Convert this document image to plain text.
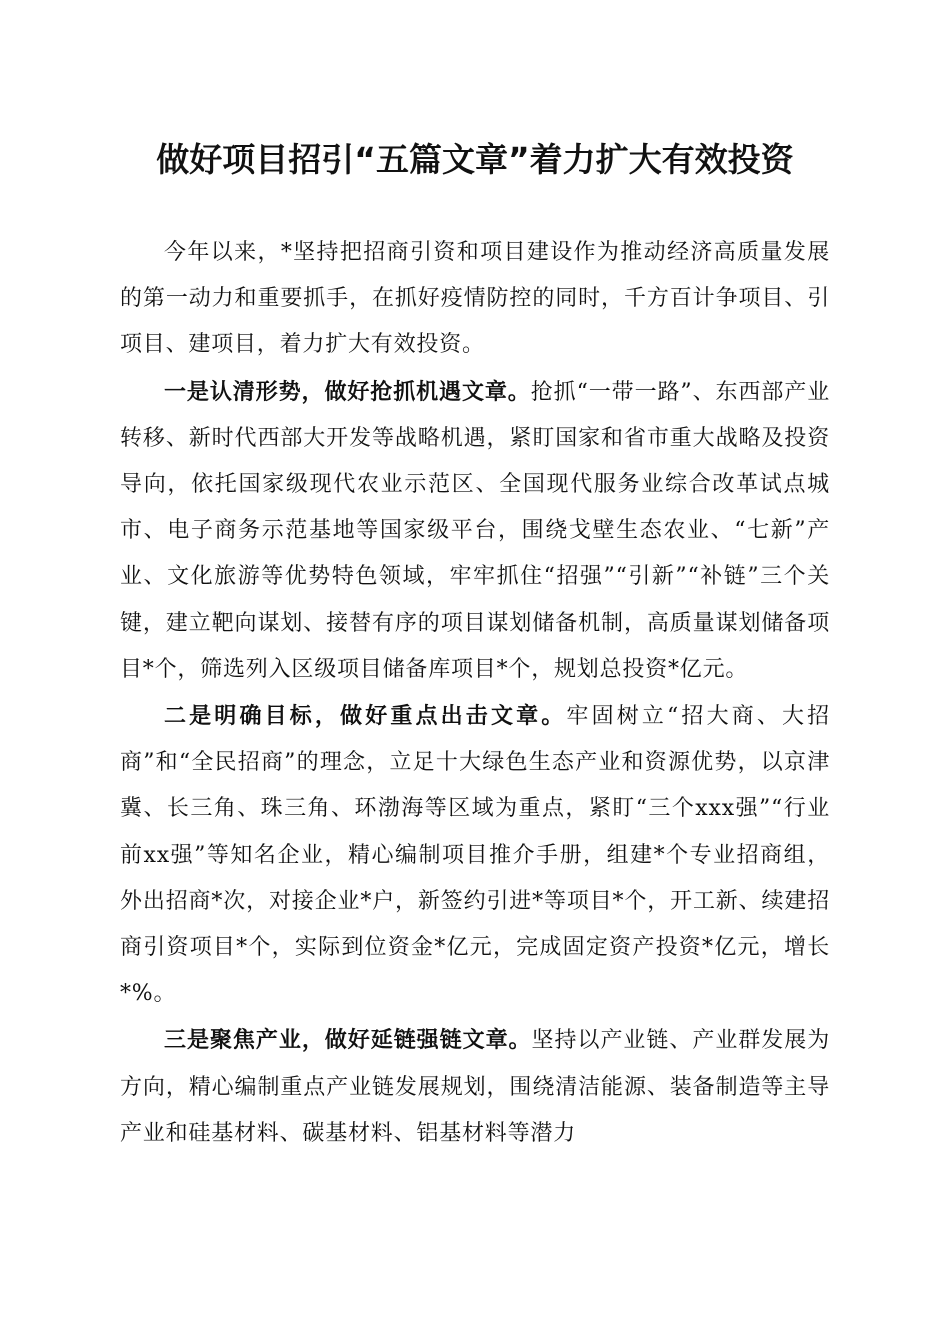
做好项目招引“五篇文章”着力扩大有效投资

今年以来，*坚持把招商引资和项目建设作为推动经济高质量发展的第一动力和重要抓手，在抓好疫情防控的同时，千方百计争项目、引项目、建项目，着力扩大有效投资。

一是认清形势，做好抢抓机遇文章。抢抓“一带一路”、东西部产业转移、新时代西部大开发等战略机遇，紧盯国家和省市重大战略及投资导向，依托国家级现代农业示范区、全国现代服务业综合改革试点城市、电子商务示范基地等国家级平台，围绕戈壁生态农业、“七新”产业、文化旅游等优势特色领域，牢牢抓住“招强”“引新”“补链”三个关键，建立靶向谋划、接替有序的项目谋划储备机制，高质量谋划储备项目*个，筛选列入区级项目储备库项目*个，规划总投资*亿元。

二是明确目标，做好重点出击文章。牢固树立“招大商、大招商”和“全民招商”的理念，立足十大绿色生态产业和资源优势，以京津冀、长三角、珠三角、环渤海等区域为重点，紧盯“三个xxx强”“行业前xx强”等知名企业，精心编制项目推介手册，组建*个专业招商组，外出招商*次，对接企业*户，新签约引进*等项目*个，开工新、续建招商引资项目*个，实际到位资金*亿元，完成固定资产投资*亿元，增长*%。

三是聚焦产业，做好延链强链文章。坚持以产业链、产业群发展为方向，精心编制重点产业链发展规划，围绕清洁能源、装备制造等主导产业和硅基材料、碳基材料、铝基材料等潜力
